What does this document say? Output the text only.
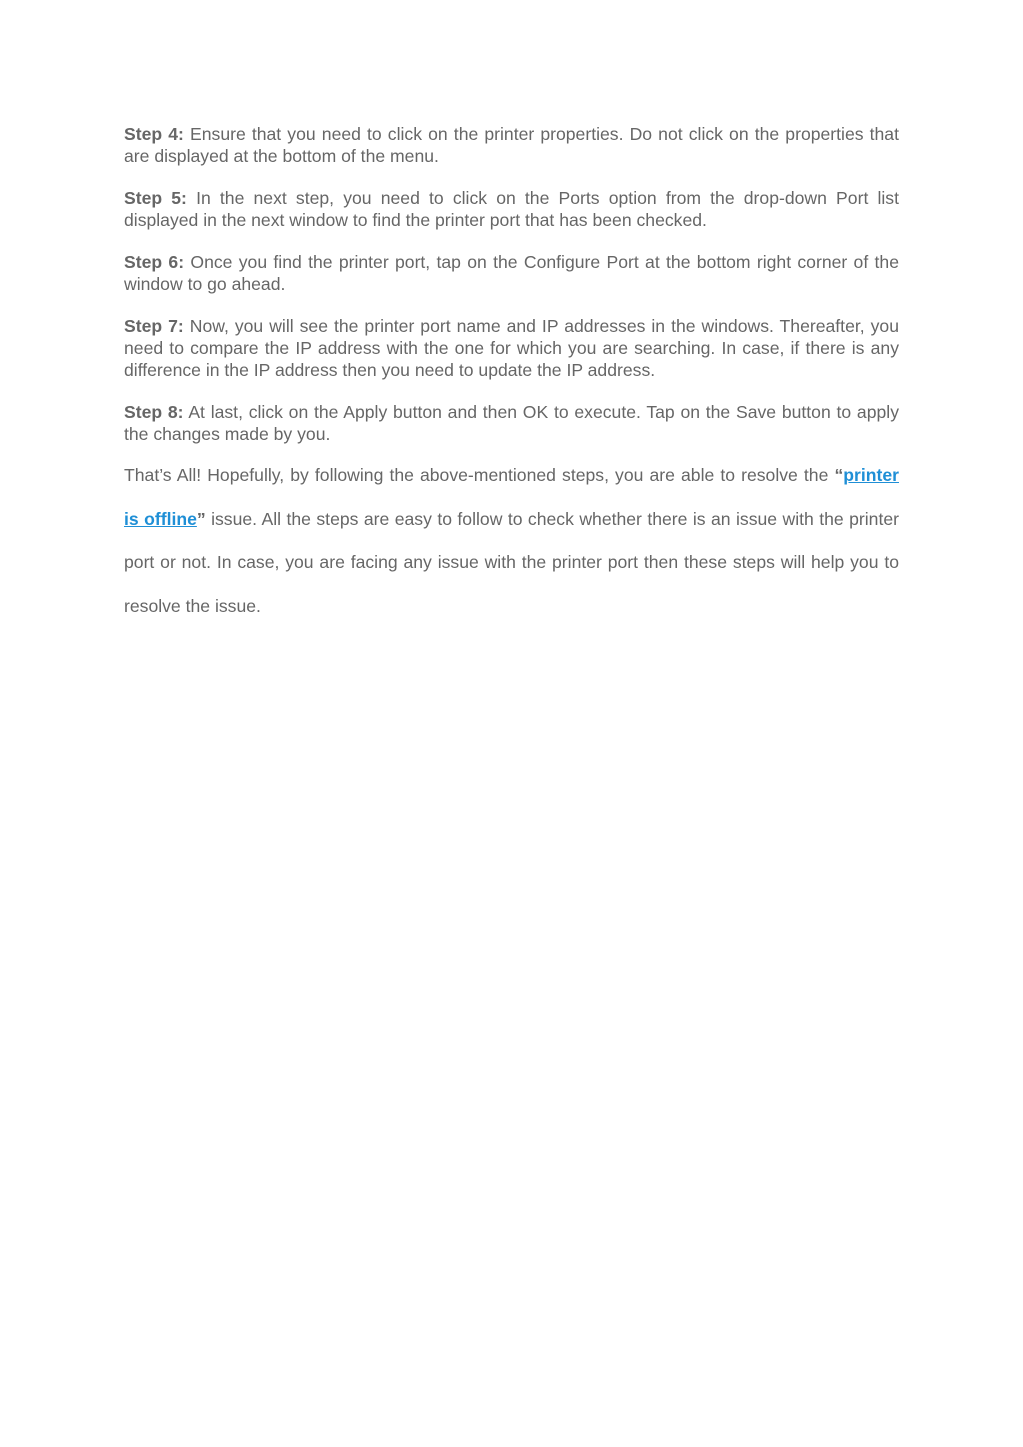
Step 4: Ensure that you need to click on the printer properties. Do not click on the properties that are displayed at the bottom of the menu.

Step 5: In the next step, you need to click on the Ports option from the drop-down Port list displayed in the next window to find the printer port that has been checked.

Step 6: Once you find the printer port, tap on the Configure Port at the bottom right corner of the window to go ahead.

Step 7: Now, you will see the printer port name and IP addresses in the windows. Thereafter, you need to compare the IP address with the one for which you are searching. In case, if there is any difference in the IP address then you need to update the IP address.

Step 8: At last, click on the Apply button and then OK to execute. Tap on the Save button to apply the changes made by you.

That’s All! Hopefully, by following the above-mentioned steps, you are able to resolve the “printer is offline” issue. All the steps are easy to follow to check whether there is an issue with the printer port or not. In case, you are facing any issue with the printer port then these steps will help you to resolve the issue.
